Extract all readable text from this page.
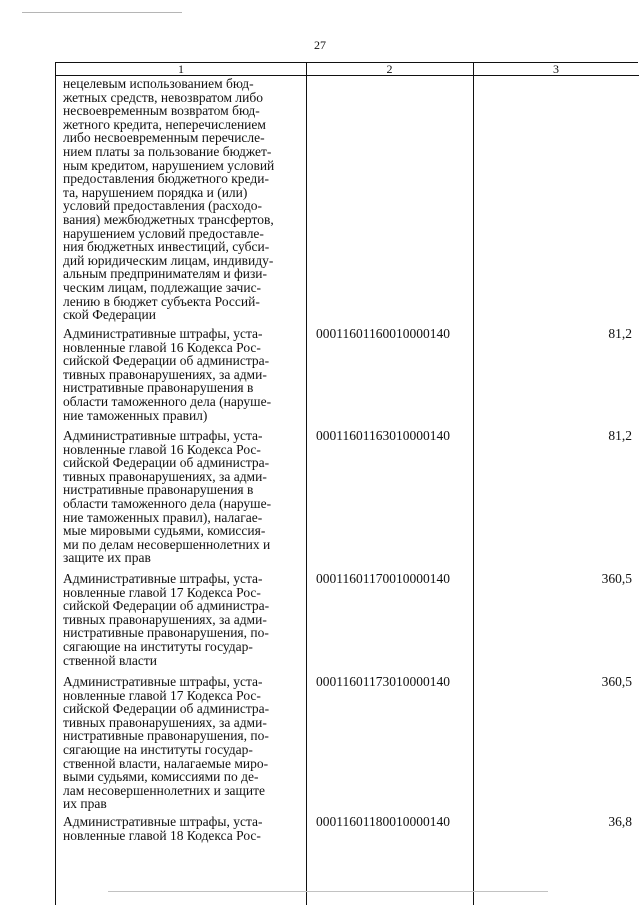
27
1	2	3
нецелевым использованием бюд-
жетных средств, невозвратом либо
несвоевременным возвратом бюд-
жетного кредита, неперечислением
либо несвоевременным перечисле-
нием платы за пользование бюджет-
ным кредитом, нарушением условий
предоставления бюджетного креди-
та, нарушением порядка и (или)
условий предоставления (расходо-
вания) межбюджетных трансфертов,
нарушением условий предоставле-
ния бюджетных инвестиций, субси-
дий юридическим лицам, индивиду-
альным предпринимателям и физи-
ческим лицам, подлежащие зачис-
лению в бюджет субъекта Россий-
ской Федерации
Административные штрафы, уста-
новленные главой 16 Кодекса Рос-
сийской Федерации об администра-
тивных правонарушениях, за адми-
нистративные правонарушения в
области таможенного дела (наруше-
ние таможенных правил)
00011601160010000140	81,2
Административные штрафы, уста-
новленные главой 16 Кодекса Рос-
сийской Федерации об администра-
тивных правонарушениях, за адми-
нистративные правонарушения в
области таможенного дела (наруше-
ние таможенных правил), налагае-
мые мировыми судьями, комиссия-
ми по делам несовершеннолетних и
защите их прав
00011601163010000140	81,2
Административные штрафы, уста-
новленные главой 17 Кодекса Рос-
сийской Федерации об администра-
тивных правонарушениях, за адми-
нистративные правонарушения, по-
сягающие на институты государ-
ственной власти
00011601170010000140	360,5
Административные штрафы, уста-
новленные главой 17 Кодекса Рос-
сийской Федерации об администра-
тивных правонарушениях, за адми-
нистративные правонарушения, по-
сягающие на институты государ-
ственной власти, налагаемые миро-
выми судьями, комиссиями по де-
лам несовершеннолетних и защите
их прав
00011601173010000140	360,5
Административные штрафы, уста-
новленные главой 18 Кодекса Рос-
00011601180010000140	36,8
